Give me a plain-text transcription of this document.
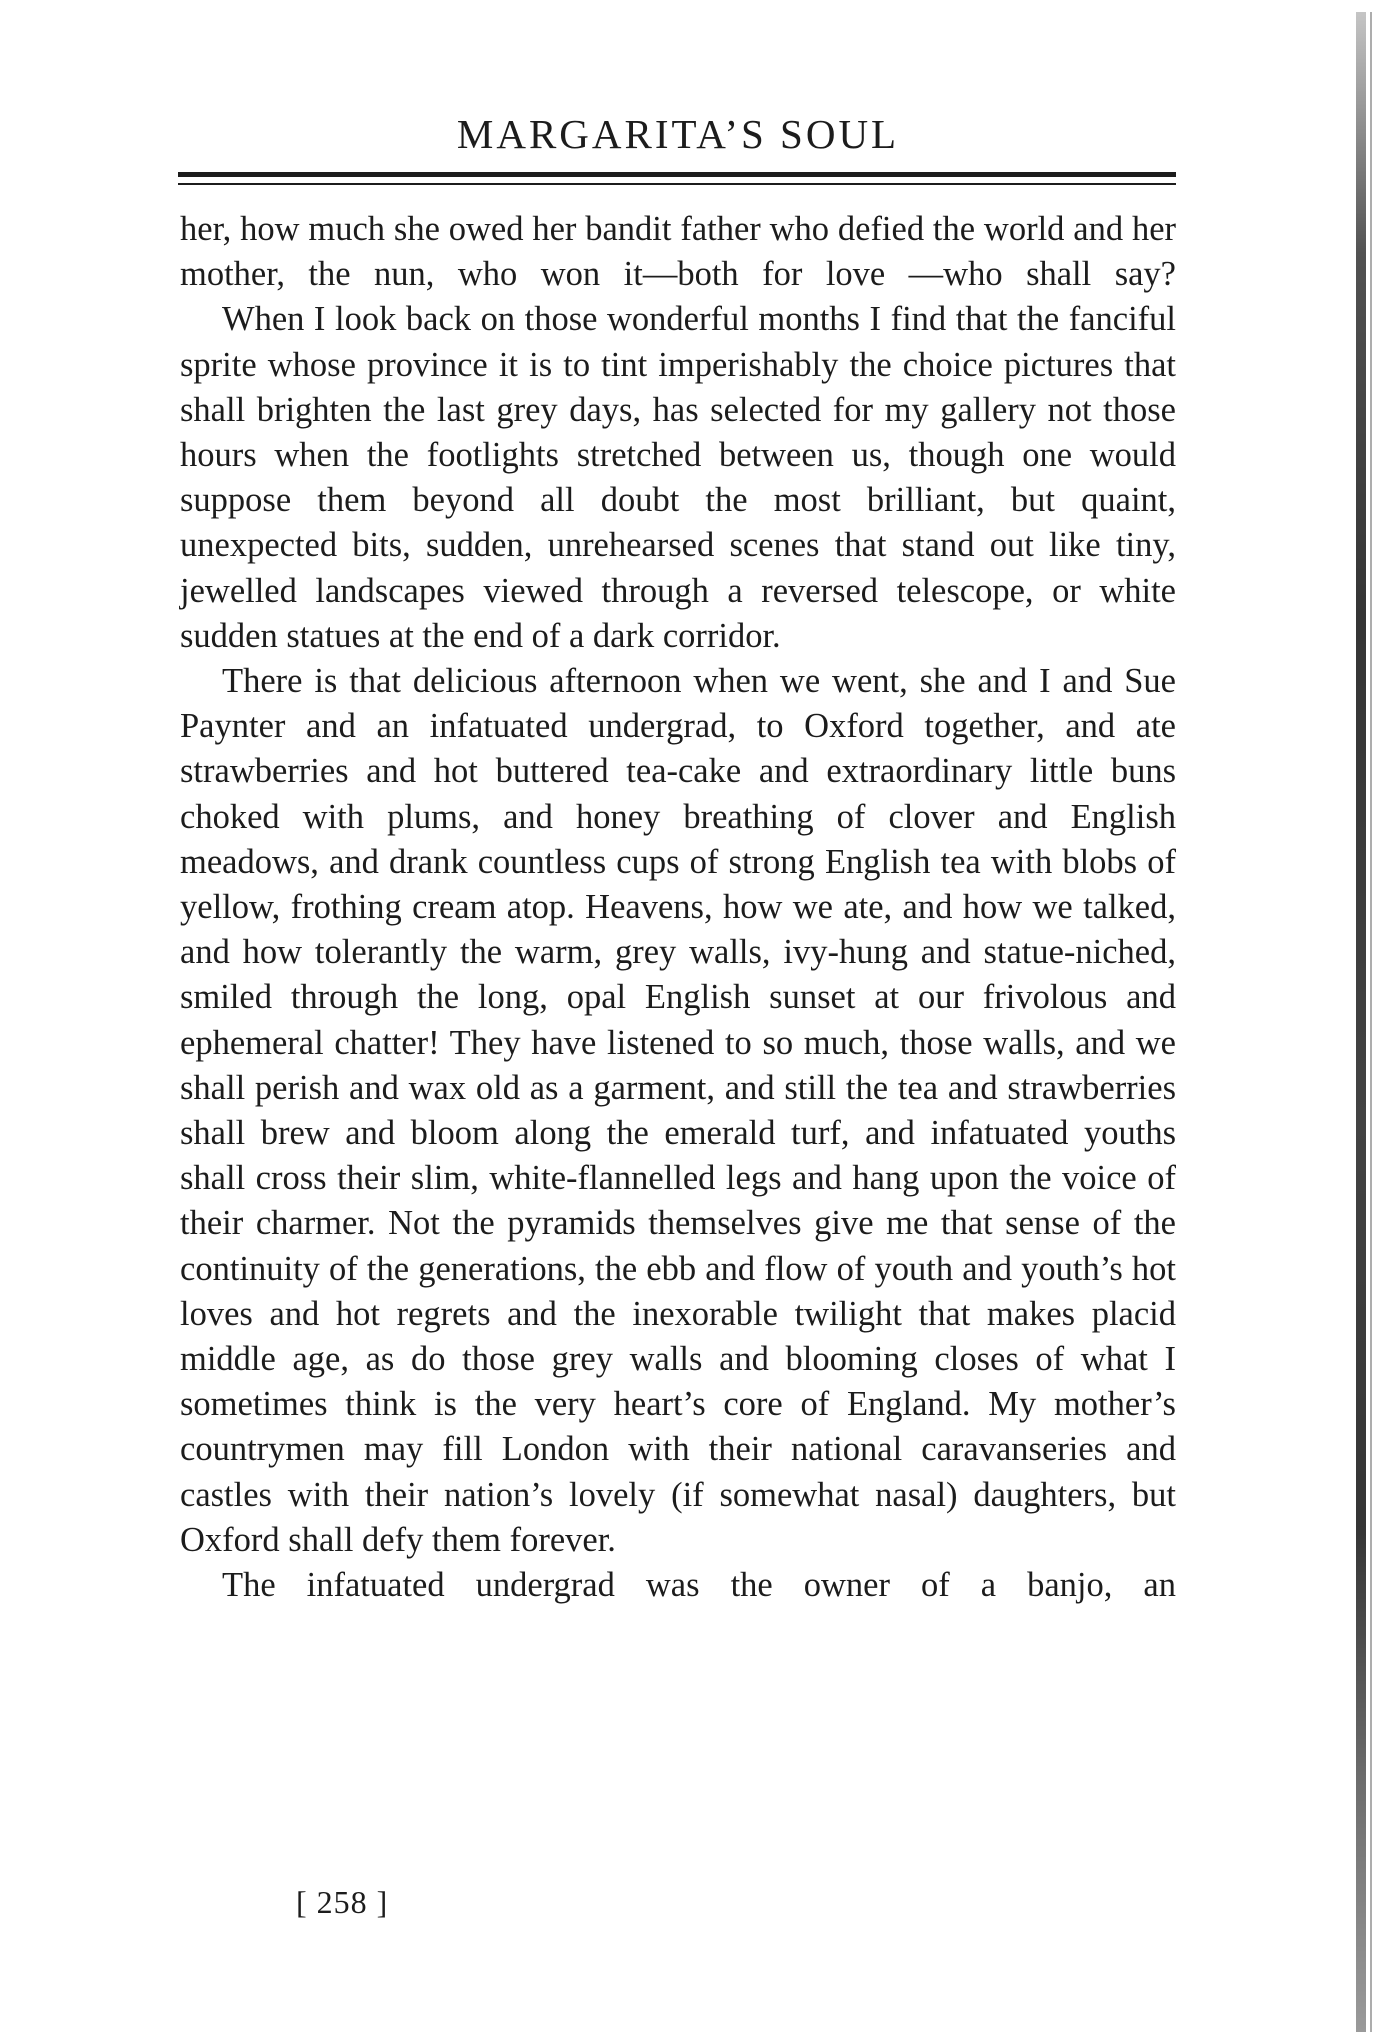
MARGARITA’S SOUL

her, how much she owed her bandit father who defied the world and her mother, the nun, who won it—both for love —who shall say?

When I look back on those wonderful months I find that the fanciful sprite whose province it is to tint imperishably the choice pictures that shall brighten the last grey days, has selected for my gallery not those hours when the footlights stretched between us, though one would suppose them beyond all doubt the most brilliant, but quaint, unexpected bits, sudden, unrehearsed scenes that stand out like tiny, jewelled landscapes viewed through a reversed telescope, or white sudden statues at the end of a dark corridor.

There is that delicious afternoon when we went, she and I and Sue Paynter and an infatuated undergrad, to Oxford together, and ate strawberries and hot buttered tea-cake and extraordinary little buns choked with plums, and honey breathing of clover and English meadows, and drank countless cups of strong English tea with blobs of yellow, frothing cream atop. Heavens, how we ate, and how we talked, and how tolerantly the warm, grey walls, ivy-hung and statue-niched, smiled through the long, opal English sunset at our frivolous and ephemeral chatter! They have listened to so much, those walls, and we shall perish and wax old as a garment, and still the tea and strawberries shall brew and bloom along the emerald turf, and infatuated youths shall cross their slim, white-flannelled legs and hang upon the voice of their charmer. Not the pyramids themselves give me that sense of the continuity of the generations, the ebb and flow of youth and youth’s hot loves and hot regrets and the inexorable twilight that makes placid middle age, as do those grey walls and blooming closes of what I sometimes think is the very heart’s core of England. My mother’s countrymen may fill London with their national caravanseries and castles with their nation’s lovely (if somewhat nasal) daughters, but Oxford shall defy them forever.

The infatuated undergrad was the owner of a banjo, an

[ 258 ]
